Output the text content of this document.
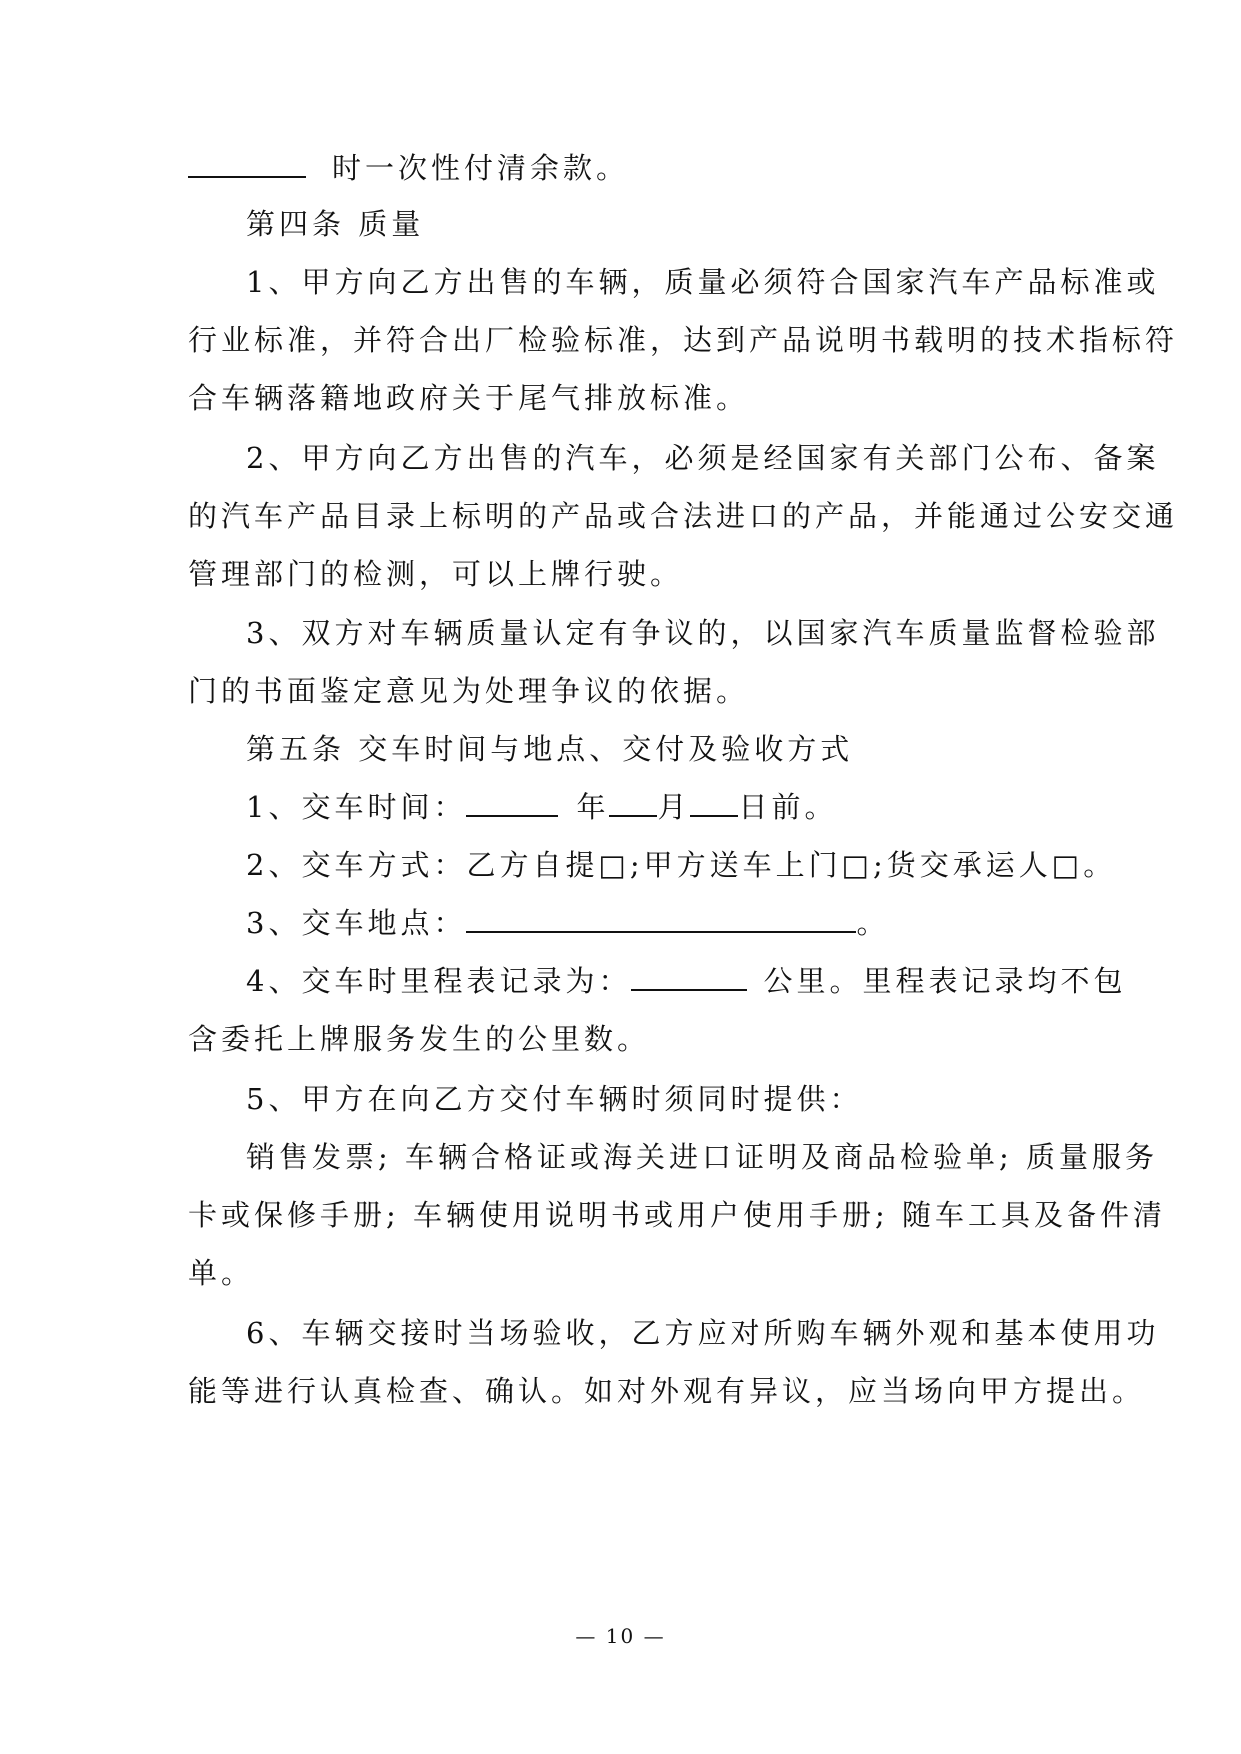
时一次性付清余款。
第四条 质量
1、甲方向乙方出售的车辆，质量必须符合国家汽车产品标准或
行业标准，并符合出厂检验标准，达到产品说明书载明的技术指标符
合车辆落籍地政府关于尾气排放标准。
2、甲方向乙方出售的汽车，必须是经国家有关部门公布、备案
的汽车产品目录上标明的产品或合法进口的产品，并能通过公安交通
管理部门的检测，可以上牌行驶。
3、双方对车辆质量认定有争议的，以国家汽车质量监督检验部
门的书面鉴定意见为处理争议的依据。
第五条 交车时间与地点、交付及验收方式
1、交车时间：	年 月 日前。
2、交车方式：乙方自提□;甲方送车上门□;货交承运人□。
3、交车地点：	。
4、交车时里程表记录为：	公里。里程表记录均不包
含委托上牌服务发生的公里数。
5、甲方在向乙方交付车辆时须同时提供：
销售发票; 车辆合格证或海关进口证明及商品检验单; 质量服务
卡或保修手册; 车辆使用说明书或用户使用手册; 随车工具及备件清
单。
6、车辆交接时当场验收，乙方应对所购车辆外观和基本使用功
能等进行认真检查、确认。如对外观有异议，应当场向甲方提出。
— 10 —
